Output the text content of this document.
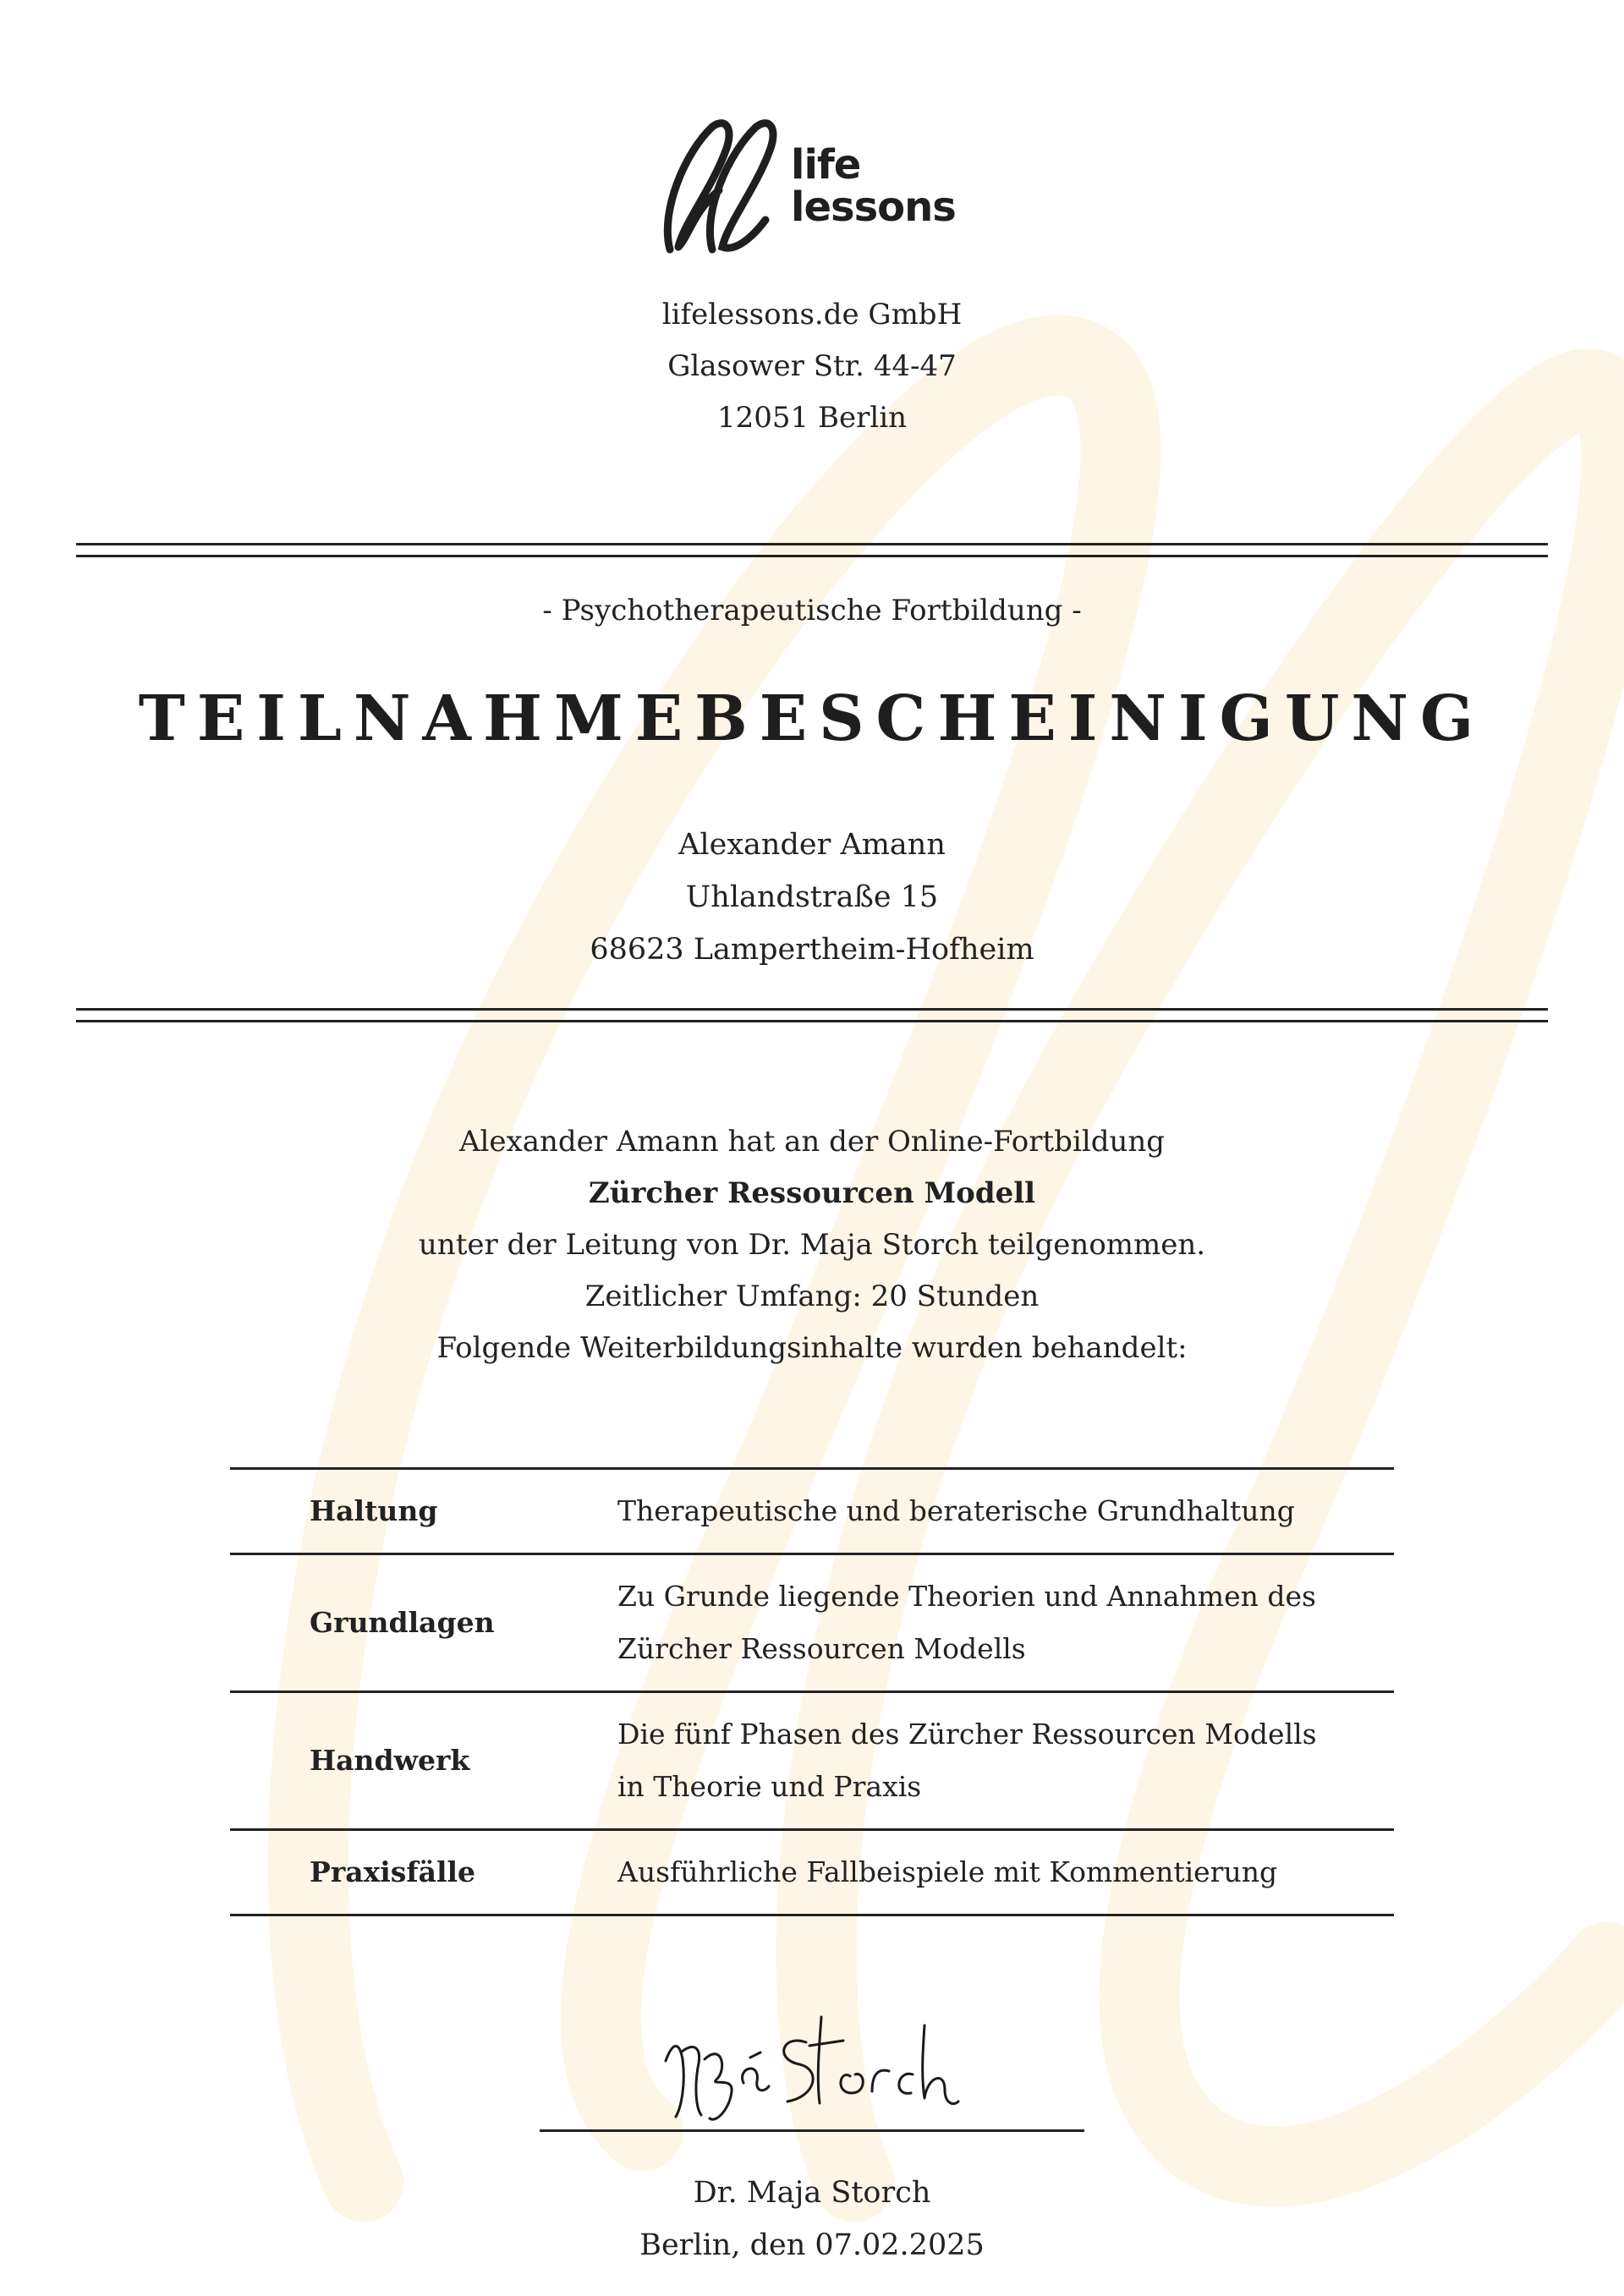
life
lessons
lifelessons.de GmbH
Glasower Str. 44-47
12051 Berlin
- Psychotherapeutische Fortbildung -
TEILNAHMEBESCHEINIGUNG
Alexander Amann
Uhlandstraße 15
68623 Lampertheim-Hofheim
Alexander Amann hat an der Online-Fortbildung
Zürcher Ressourcen Modell
unter der Leitung von Dr. Maja Storch teilgenommen.
Zeitlicher Umfang: 20 Stunden
Folgende Weiterbildungsinhalte wurden behandelt:
Haltung	Therapeutische und beraterische Grundhaltung
Grundlagen	Zu Grunde liegende Theorien und Annahmen des Zürcher Ressourcen Modells
Handwerk	Die fünf Phasen des Zürcher Ressourcen Modells in Theorie und Praxis
Praxisfälle	Ausführliche Fallbeispiele mit Kommentierung
Dr. Maja Storch
Berlin, den 07.02.2025
